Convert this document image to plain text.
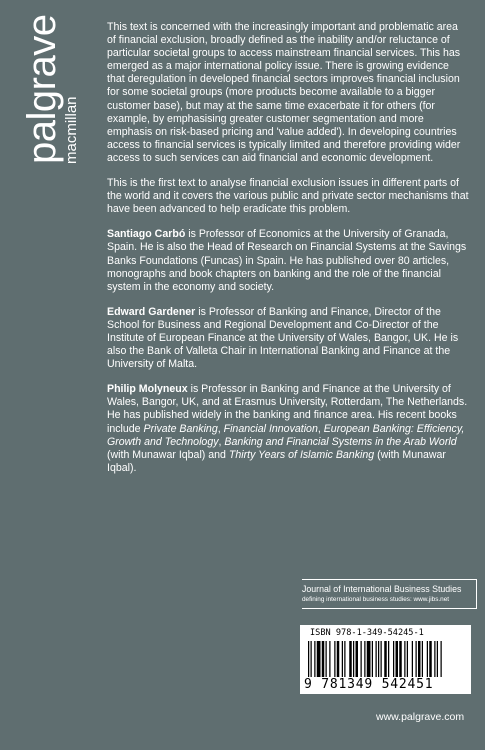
palgrave macmillan

This text is concerned with the increasingly important and problematic area of financial exclusion, broadly defined as the inability and/or reluctance of particular societal groups to access mainstream financial services. This has emerged as a major international policy issue. There is growing evidence that deregulation in developed financial sectors improves financial inclusion for some societal groups (more products become available to a bigger customer base), but may at the same time exacerbate it for others (for example, by emphasising greater customer segmentation and more emphasis on risk-based pricing and 'value added'). In developing countries access to financial services is typically limited and therefore providing wider access to such services can aid financial and economic development.

This is the first text to analyse financial exclusion issues in different parts of the world and it covers the various public and private sector mechanisms that have been advanced to help eradicate this problem.

Santiago Carbó is Professor of Economics at the University of Granada, Spain. He is also the Head of Research on Financial Systems at the Savings Banks Foundations (Funcas) in Spain. He has published over 80 articles, monographs and book chapters on banking and the role of the financial system in the economy and society.

Edward Gardener is Professor of Banking and Finance, Director of the School for Business and Regional Development and Co-Director of the Institute of European Finance at the University of Wales, Bangor, UK. He is also the Bank of Valleta Chair in International Banking and Finance at the University of Malta.

Philip Molyneux is Professor in Banking and Finance at the University of Wales, Bangor, UK, and at Erasmus University, Rotterdam, The Netherlands. He has published widely in the banking and finance area. His recent books include Private Banking, Financial Innovation, European Banking: Efficiency, Growth and Technology, Banking and Financial Systems in the Arab World (with Munawar Iqbal) and Thirty Years of Islamic Banking (with Munawar Iqbal).

Journal of International Business Studies
defining international business studies: www.jibs.net
ISBN 978-1-349-54245-1
9 781349 542451
www.palgrave.com
